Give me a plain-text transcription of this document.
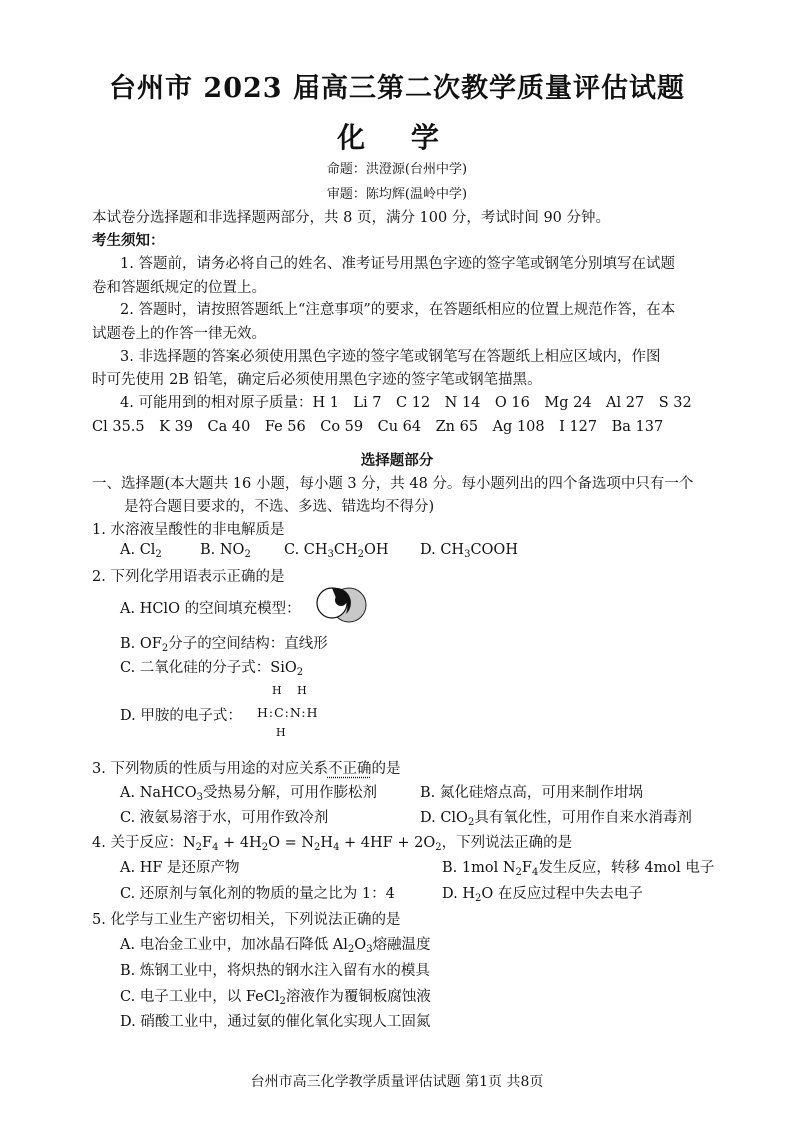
台州市 2023 届高三第二次教学质量评估试题
化 学
命题：洪澄源(台州中学)
审题：陈均辉(温岭中学)
本试卷分选择题和非选择题两部分，共 8 页，满分 100 分，考试时间 90 分钟。
考生须知：
1. 答题前，请务必将自己的姓名、准考证号用黑色字迹的签字笔或钢笔分别填写在试题
卷和答题纸规定的位置上。
2. 答题时，请按照答题纸上“注意事项”的要求，在答题纸相应的位置上规范作答，在本
试题卷上的作答一律无效。
3. 非选择题的答案必须使用黑色字迹的签字笔或钢笔写在答题纸上相应区域内，作图
时可先使用 2B 铅笔，确定后必须使用黑色字迹的签字笔或钢笔描黑。
4. 可能用到的相对原子质量：H 1　Li 7　C 12　N 14　O 16　Mg 24　Al 27　S 32
Cl 35.5　K 39　Ca 40　Fe 56　Co 59　Cu 64　Zn 65　Ag 108　I 127　Ba 137
选择题部分
一、选择题(本大题共 16 小题，每小题 3 分，共 48 分。每小题列出的四个备选项中只有一个
是符合题目要求的，不选、多选、错选均不得分)
1. 水溶液呈酸性的非电解质是
A. $Cl_2$	B. $NO_2$ C. $CH_3CH_2OH$ D. $CH_3COOH$
2. 下列化学用语表示正确的是
A. HClO 的空间填充模型：
B. $OF_2$分子的空间结构：直线形
C. 二氧化硅的分子式：SiO$_2$
D. 甲胺的电子式：
H H
H:C:N:H
H
3. 下列物质的性质与用途的对应关系不正确的是
A. NaHCO$_3$受热易分解，可用作膨松剂	B. 氮化硅熔点高，可用来制作坩埚
C. 液氨易溶于水，可用作致冷剂	D. ClO$_2$具有氧化性，可用作自来水消毒剂
4. 关于反应：$N_2F_4 + 4H_2O = N_2H_4 + 4HF + 2O_2$，下列说法正确的是
A. HF 是还原产物	B. 1mol $N_2F_4$发生反应，转移 4mol 电子
C. 还原剂与氧化剂的物质的量之比为 1：4	D. $H_2O$ 在反应过程中失去电子
5. 化学与工业生产密切相关，下列说法正确的是
A. 电冶金工业中，加冰晶石降低 $Al_2O_3$熔融温度
B. 炼钢工业中，将炽热的钢水注入留有水的模具
C. 电子工业中，以 FeCl$_2$溶液作为覆铜板腐蚀液
D. 硝酸工业中，通过氨的催化氧化实现人工固氮
台州市高三化学教学质量评估试题 第1页 共8页
